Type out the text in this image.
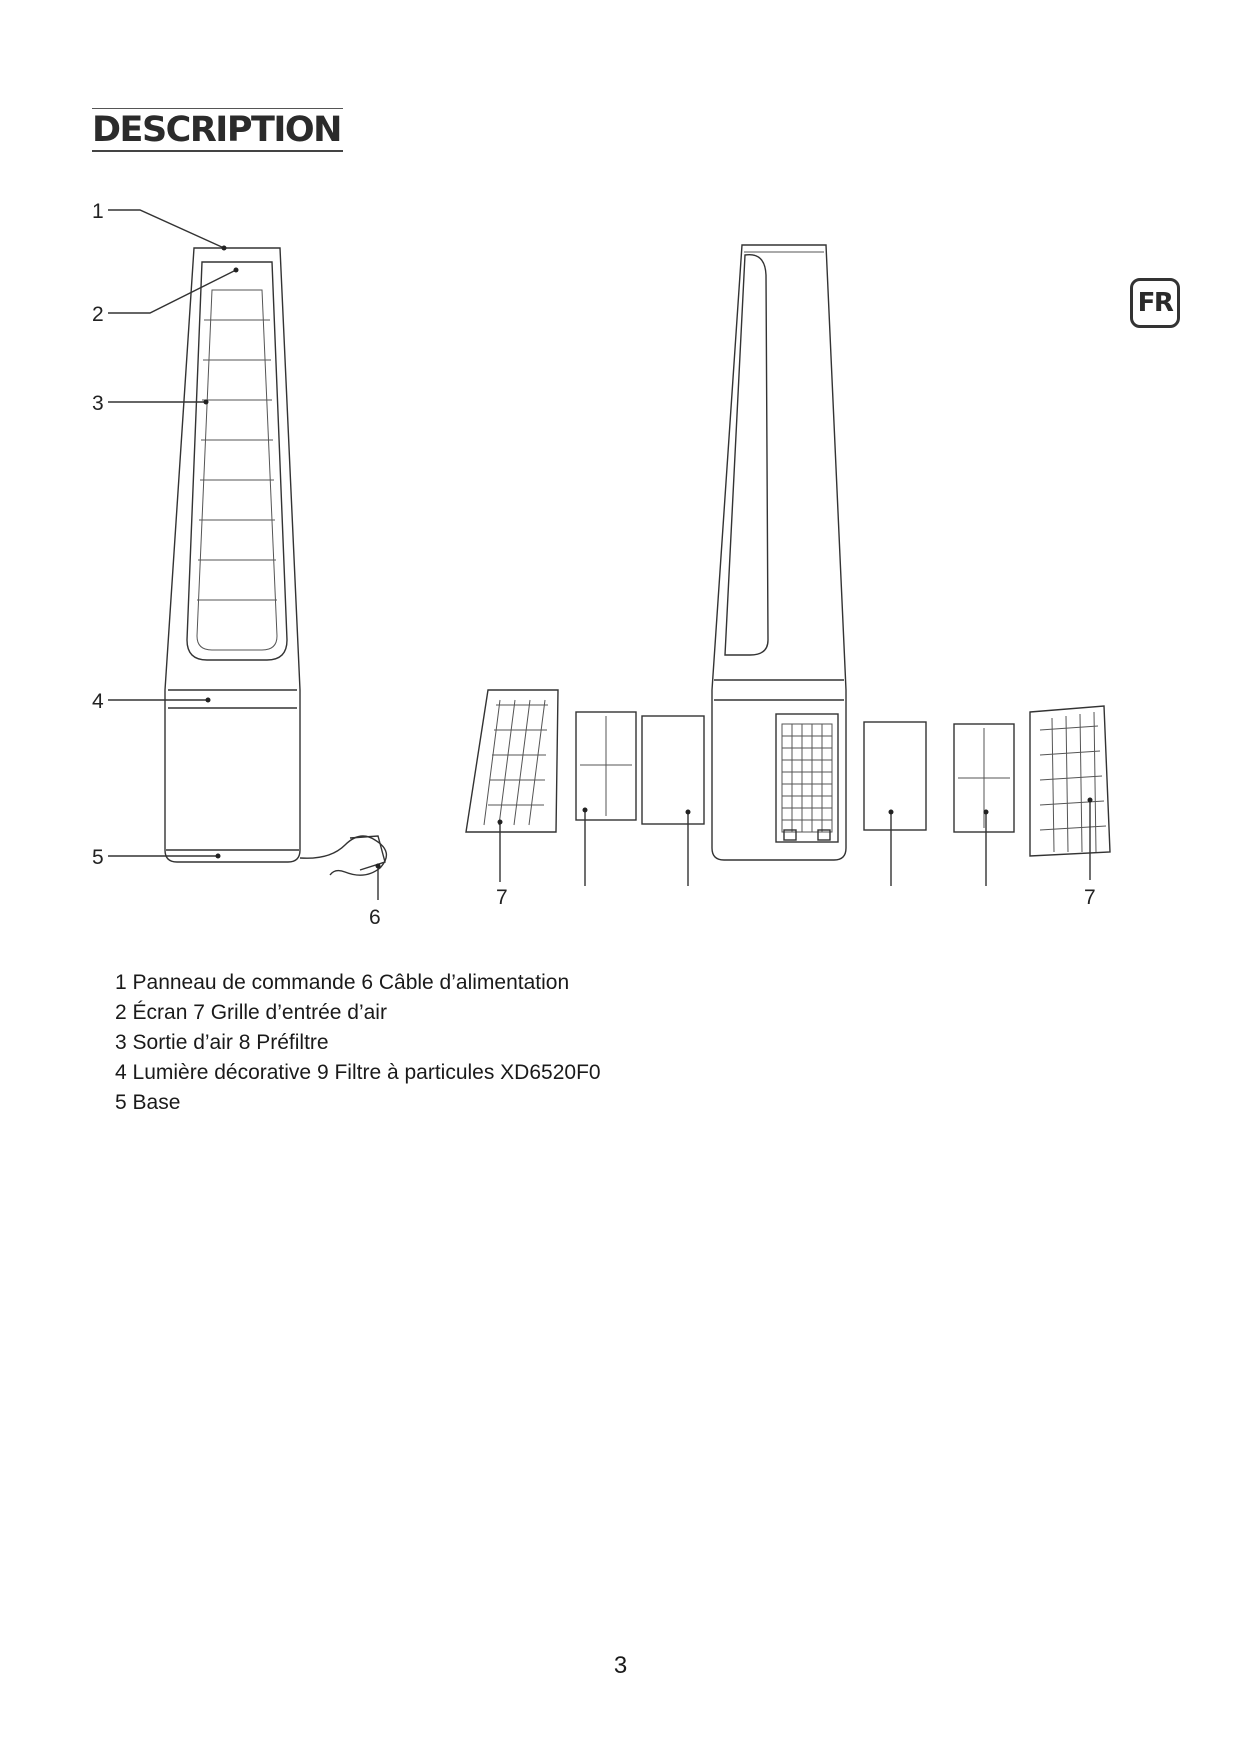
DESCRIPTION
FR
1
2
3
4
5
6
7	7
1 Panneau de commande 6 Câble d’alimentation
2 Écran 7 Grille d’entrée d’air
3 Sortie d’air 8 Préfiltre
4 Lumière décorative 9 Filtre à particules XD6520F0
5 Base
3
